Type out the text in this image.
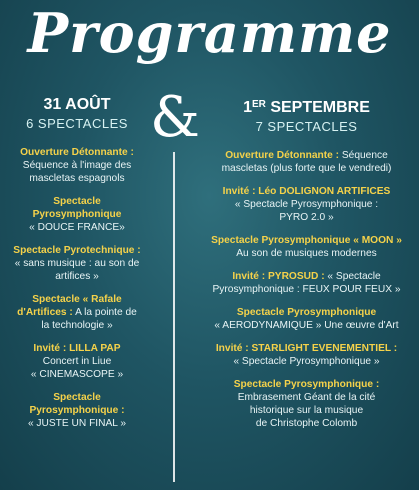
Programme
&
31 AOÛT
6 SPECTACLES
Ouverture Détonnante :
Séquence à l'image des
mascletas espagnols
Spectacle
Pyrosymphonique
« DOUCE FRANCE»
Spectacle Pyrotechnique :
« sans musique : au son de
artifices »
Spectacle « Rafale
d'Artifices : A la pointe de
la technologie »
Invité : LILLA PAP
Concert in Liue
« CINEMASCOPE »
Spectacle
Pyrosymphonique :
« JUSTE UN FINAL »
1ER SEPTEMBRE
7 SPECTACLES
Ouverture Détonnante : Séquence
mascletas (plus forte que le vendredi)
Invité : Léo DOLIGNON ARTIFICES
« Spectacle Pyrosymphonique :
PYRO 2.0 »
Spectacle Pyrosymphonique « MOON »
Au son de musiques modernes
Invité : PYROSUD : « Spectacle
Pyrosymphonique : FEUX POUR FEUX »
Spectacle Pyrosymphonique
« AERODYNAMIQUE » Une œuvre d'Art
Invité : STARLIGHT EVENEMENTIEL :
« Spectacle Pyrosymphonique »
Spectacle Pyrosymphonique :
Embrasement Géant de la cité
historique sur la musique
de Christophe Colomb
